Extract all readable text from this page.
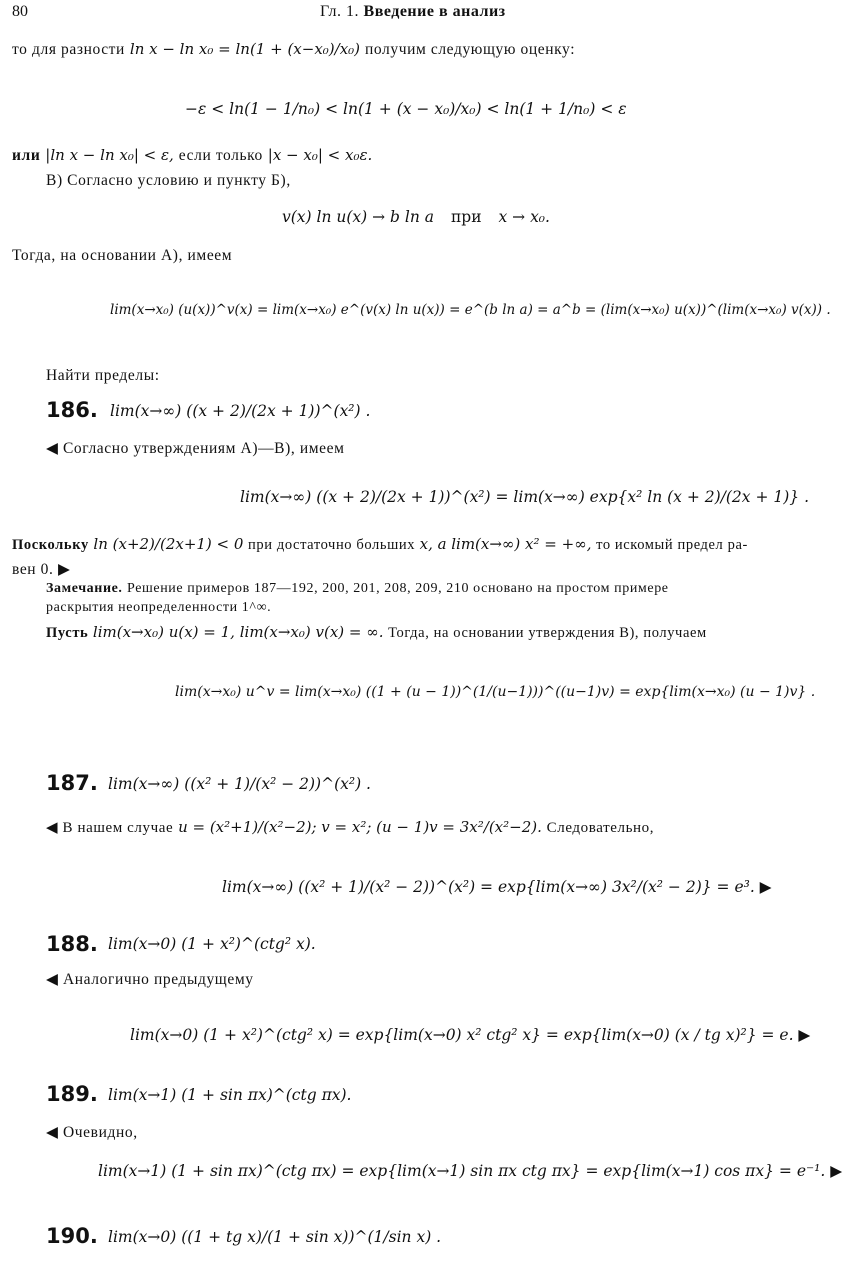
80	Гл. 1. Введение в анализ
то для разности ln x − ln x₀ = ln(1 + (x−x₀)/x₀) получим следующую оценку:
−ε < ln(1 − 1/n₀) < ln(1 + (x − x₀)/x₀) < ln(1 + 1/n₀) < ε
или |ln x − ln x₀| < ε, если только |x − x₀| < x₀ε.
В) Согласно условию и пункту Б),
v(x) ln u(x) → b ln a при x → x₀.
Тогда, на основании А), имеем
lim(x→x₀) (u(x))^v(x) = lim(x→x₀) e^(v(x) ln u(x)) = e^(b ln a) = a^b = (lim(x→x₀) u(x))^(lim(x→x₀) v(x)) .
Найти пределы:
186. lim(x→∞) ((x + 2)/(2x + 1))^(x²) .
◀ Согласно утверждениям А)—В), имеем
lim(x→∞) ((x + 2)/(2x + 1))^(x²) = lim(x→∞) exp{x² ln (x + 2)/(2x + 1)} .
Поскольку ln (x+2)/(2x+1) < 0 при достаточно больших x, а lim(x→∞) x² = +∞, то искомый предел ра-
вен 0. ▶
Замечание. Решение примеров 187—192, 200, 201, 208, 209, 210 основано на простом примере
раскрытия неопределенности 1^∞.
Пусть lim(x→x₀) u(x) = 1, lim(x→x₀) v(x) = ∞. Тогда, на основании утверждения В), получаем
lim(x→x₀) u^v = lim(x→x₀) ((1 + (u − 1))^(1/(u−1)))^((u−1)v) = exp{lim(x→x₀) (u − 1)v} .
187. lim(x→∞) ((x² + 1)/(x² − 2))^(x²) .
◀ В нашем случае u = (x²+1)/(x²−2); v = x²; (u − 1)v = 3x²/(x²−2). Следовательно,
lim(x→∞) ((x² + 1)/(x² − 2))^(x²) = exp{lim(x→∞) 3x²/(x² − 2)} = e³. ▶
188. lim(x→0) (1 + x²)^(ctg² x).
◀ Аналогично предыдущему
lim(x→0) (1 + x²)^(ctg² x) = exp{lim(x→0) x² ctg² x} = exp{lim(x→0) (x / tg x)²} = e. ▶
189. lim(x→1) (1 + sin πx)^(ctg πx).
◀ Очевидно,
lim(x→1) (1 + sin πx)^(ctg πx) = exp{lim(x→1) sin πx ctg πx} = exp{lim(x→1) cos πx} = e⁻¹. ▶
190. lim(x→0) ((1 + tg x)/(1 + sin x))^(1/sin x) .
